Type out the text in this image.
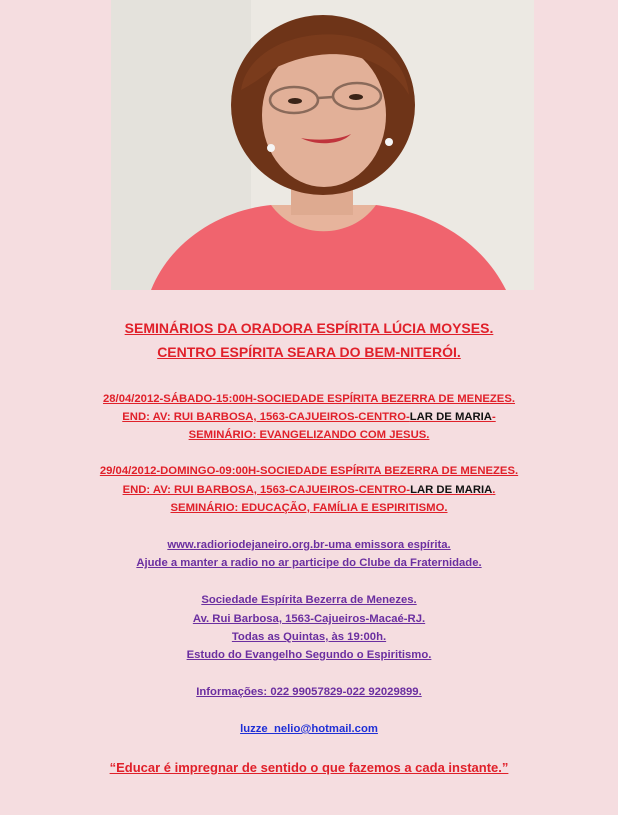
SEMINÁRIOS DA ORADORA ESPÍRITA LÚCIA MOYSES.
CENTRO ESPÍRITA SEARA DO BEM-NITERÓI.
28/04/2012-SÁBADO-15:00H-SOCIEDADE ESPÍRITA BEZERRA DE MENEZES.
END: AV: RUI BARBOSA, 1563-CAJUEIROS-CENTRO-LAR DE MARIA-
SEMINÁRIO: EVANGELIZANDO COM JESUS.
29/04/2012-DOMINGO-09:00H-SOCIEDADE ESPÍRITA BEZERRA DE MENEZES.
END: AV: RUI BARBOSA, 1563-CAJUEIROS-CENTRO-LAR DE MARIA.
SEMINÁRIO: EDUCAÇÃO, FAMÍLIA E ESPIRITISMO.
www.radioriodejaneiro.org.br-uma emissora espírita.
Ajude a manter a radio no ar participe do Clube da Fraternidade.
Sociedade Espírita Bezerra de Menezes.
Av. Rui Barbosa, 1563-Cajueiros-Macaé-RJ.
Todas as Quintas, às 19:00h.
Estudo do Evangelho Segundo o Espiritismo.
Informações: 022 99057829-022 92029899.
luzze_nelio@hotmail.com
“Educar é impregnar de sentido o que fazemos a cada instante.”
